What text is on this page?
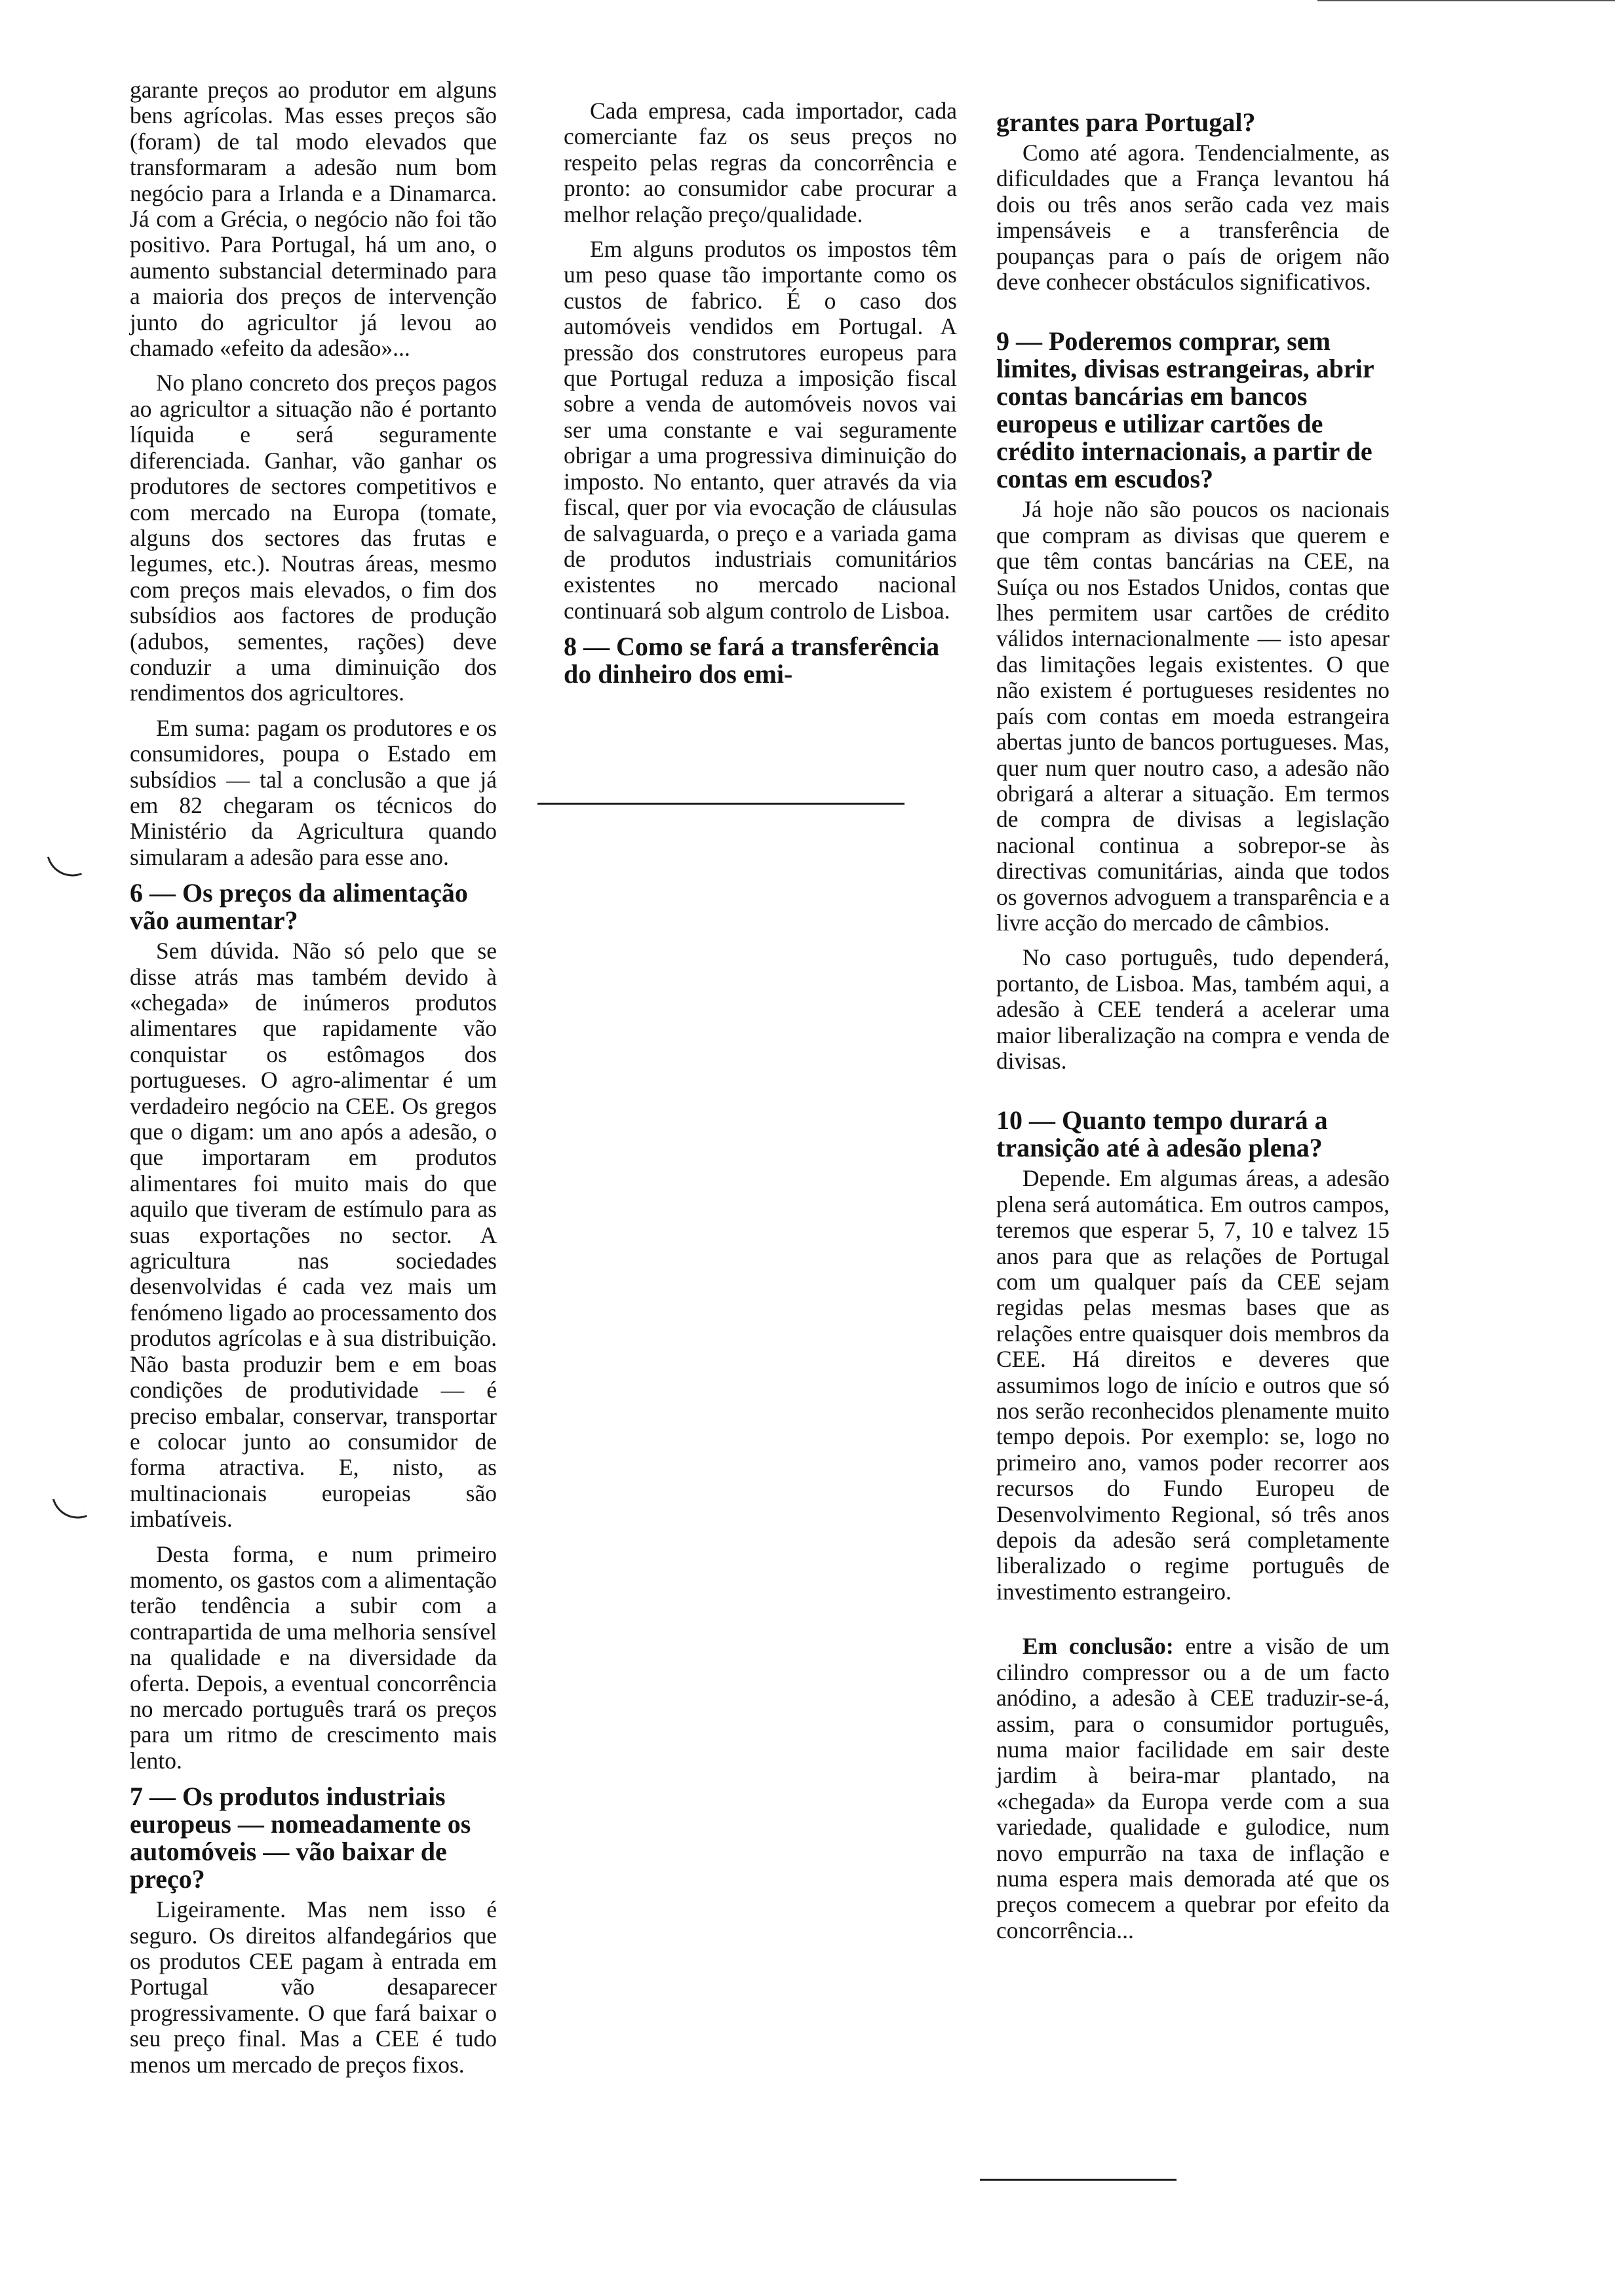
garante preços ao produtor em alguns bens agrícolas. Mas esses preços são (foram) de tal modo elevados que transformaram a adesão num bom negócio para a Irlanda e a Dinamarca. Já com a Grécia, o negócio não foi tão positivo. Para Portugal, há um ano, o aumento substancial determinado para a maioria dos preços de intervenção junto do agricultor já levou ao chamado «efeito da adesão»...

No plano concreto dos preços pagos ao agricultor a situação não é portanto líquida e será seguramente diferenciada. Ganhar, vão ganhar os produtores de sectores competitivos e com mercado na Europa (tomate, alguns dos sectores das frutas e legumes, etc.). Noutras áreas, mesmo com preços mais elevados, o fim dos subsídios aos factores de produção (adubos, sementes, rações) deve conduzir a uma diminuição dos rendimentos dos agricultores.

Em suma: pagam os produtores e os consumidores, poupa o Estado em subsídios — tal a conclusão a que já em 82 chegaram os técnicos do Ministério da Agricultura quando simularam a adesão para esse ano.

6 — Os preços da alimentação vão aumentar?

Sem dúvida. Não só pelo que se disse atrás mas também devido à «chegada» de inúmeros produtos alimentares que rapidamente vão conquistar os estômagos dos portugueses. O agro-alimentar é um verdadeiro negócio na CEE. Os gregos que o digam: um ano após a adesão, o que importaram em produtos alimentares foi muito mais do que aquilo que tiveram de estímulo para as suas exportações no sector. A agricultura nas sociedades desenvolvidas é cada vez mais um fenómeno ligado ao processamento dos produtos agrícolas e à sua distribuição. Não basta produzir bem e em boas condições de produtividade — é preciso embalar, conservar, transportar e colocar junto ao consumidor de forma atractiva. E, nisto, as multinacionais europeias são imbatíveis.

Desta forma, e num primeiro momento, os gastos com a alimentação terão tendência a subir com a contrapartida de uma melhoria sensível na qualidade e na diversidade da oferta. Depois, a eventual concorrência no mercado português trará os preços para um ritmo de crescimento mais lento.

7 — Os produtos industriais europeus — nomeadamente os automóveis — vão baixar de preço?

Ligeiramente. Mas nem isso é seguro. Os direitos alfandegários que os produtos CEE pagam à entrada em Portugal vão desaparecer progressivamente. O que fará baixar o seu preço final. Mas a CEE é tudo menos um mercado de preços fixos.

Cada empresa, cada importador, cada comerciante faz os seus preços no respeito pelas regras da concorrência e pronto: ao consumidor cabe procurar a melhor relação preço/qualidade.

Em alguns produtos os impostos têm um peso quase tão importante como os custos de fabrico. É o caso dos automóveis vendidos em Portugal. A pressão dos construtores europeus para que Portugal reduza a imposição fiscal sobre a venda de automóveis novos vai ser uma constante e vai seguramente obrigar a uma progressiva diminuição do imposto. No entanto, quer através da via fiscal, quer por via evocação de cláusulas de salvaguarda, o preço e a variada gama de produtos industriais comunitários existentes no mercado nacional continuará sob algum controlo de Lisboa.

8 — Como se fará a transferência do dinheiro dos emi-
grantes para Portugal?

Como até agora. Tendencialmente, as dificuldades que a França levantou há dois ou três anos serão cada vez mais impensáveis e a transferência de poupanças para o país de origem não deve conhecer obstáculos significativos.

9 — Poderemos comprar, sem limites, divisas estrangeiras, abrir contas bancárias em bancos europeus e utilizar cartões de crédito internacionais, a partir de contas em escudos?

Já hoje não são poucos os nacionais que compram as divisas que querem e que têm contas bancárias na CEE, na Suíça ou nos Estados Unidos, contas que lhes permitem usar cartões de crédito válidos internacionalmente — isto apesar das limitações legais existentes. O que não existem é portugueses residentes no país com contas em moeda estrangeira abertas junto de bancos portugueses. Mas, quer num quer noutro caso, a adesão não obrigará a alterar a situação. Em termos de compra de divisas a legislação nacional continua a sobrepor-se às directivas comunitárias, ainda que todos os governos advoguem a transparência e a livre acção do mercado de câmbios.

No caso português, tudo dependerá, portanto, de Lisboa. Mas, também aqui, a adesão à CEE tenderá a acelerar uma maior liberalização na compra e venda de divisas.

10 — Quanto tempo durará a transição até à adesão plena?

Depende. Em algumas áreas, a adesão plena será automática. Em outros campos, teremos que esperar 5, 7, 10 e talvez 15 anos para que as relações de Portugal com um qualquer país da CEE sejam regidas pelas mesmas bases que as relações entre quaisquer dois membros da CEE. Há direitos e deveres que assumimos logo de início e outros que só nos serão reconhecidos plenamente muito tempo depois. Por exemplo: se, logo no primeiro ano, vamos poder recorrer aos recursos do Fundo Europeu de Desenvolvimento Regional, só três anos depois da adesão será completamente liberalizado o regime português de investimento estrangeiro.

Em conclusão: entre a visão de um cilindro compressor ou a de um facto anódino, a adesão à CEE traduzir-se-á, assim, para o consumidor português, numa maior facilidade em sair deste jardim à beira-mar plantado, na «chegada» da Europa verde com a sua variedade, qualidade e gulodice, num novo empurrão na taxa de inflação e numa espera mais demorada até que os preços comecem a quebrar por efeito da concorrência...
